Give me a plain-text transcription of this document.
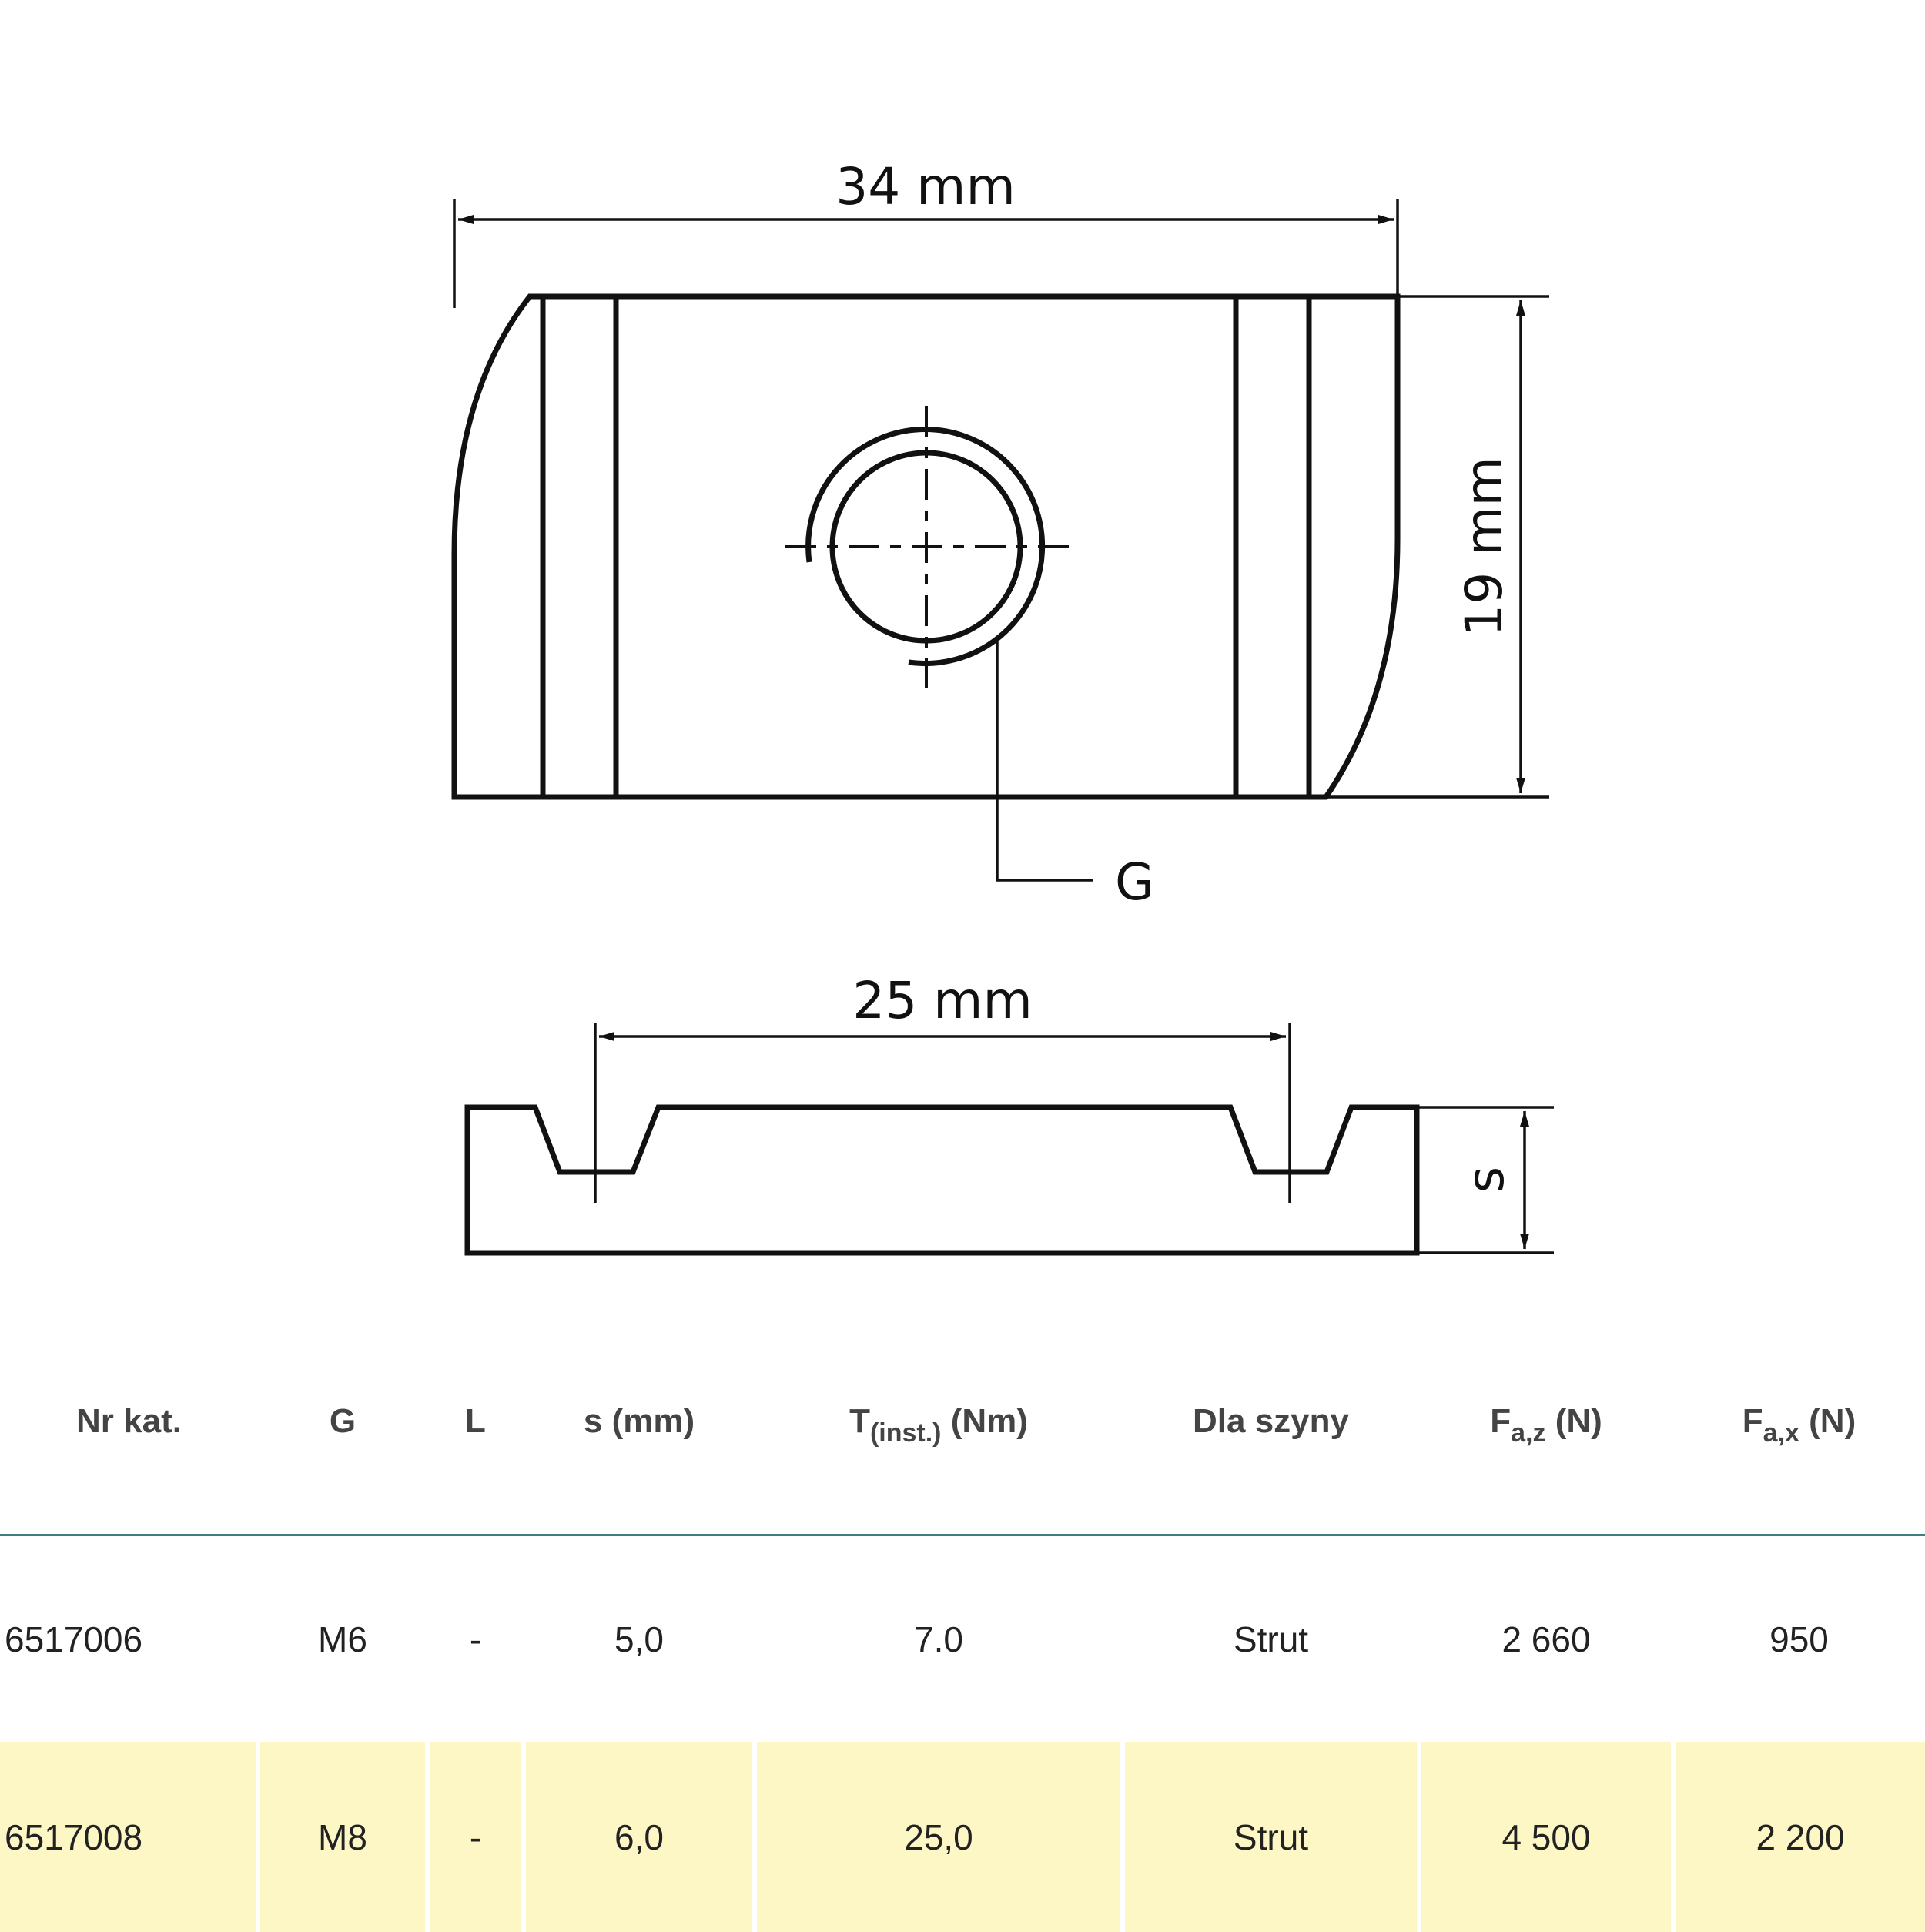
34 mm
19 mm
G
25 mm
s
Nr kat.	G	L	s (mm)	$T_{(inst.)}$ (Nm)	Dla szyny	$F_{a,z}$ (N)	$F_{a,x}$ (N)
6517006	M6	-	5,0	7.0	Strut	2 660	950
6517008	M8	-	6,0	25,0	Strut	4 500	2 200
